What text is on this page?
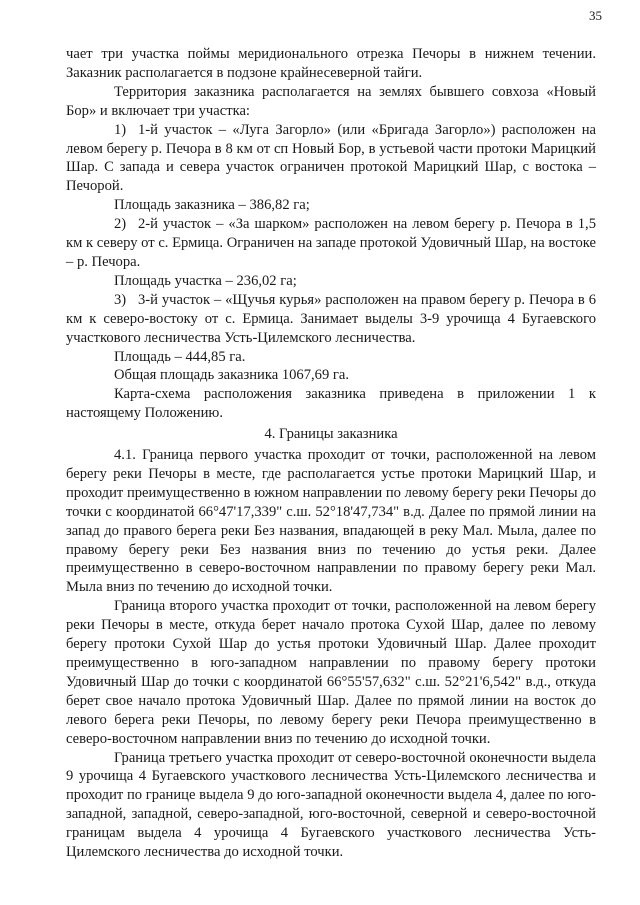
35

чает три участка поймы меридионального отрезка Печоры в нижнем течении. Заказник располагается в подзоне крайнесеверной тайги.

Территория заказника располагается на землях бывшего совхоза «Новый Бор» и включает три участка:

1) 1-й участок – «Луга Загорло» (или «Бригада Загорло») расположен на левом берегу р. Печора в 8 км от сп Новый Бор, в устьевой части протоки Марицкий Шар. С запада и севера участок ограничен протокой Марицкий Шар, с востока – Печорой.

Площадь заказника – 386,82 га;

2) 2-й участок – «За шарком» расположен на левом берегу р. Печора в 1,5 км к северу от с. Ермица. Ограничен на западе протокой Удовичный Шар, на востоке – р. Печора.

Площадь участка – 236,02 га;

3) 3-й участок – «Щучья курья» расположен на правом берегу р. Печора в 6 км к северо-востоку от с. Ермица. Занимает выделы 3-9 урочища 4 Бугаевского участкового лесничества Усть-Цилемского лесничества.

Площадь – 444,85 га.

Общая площадь заказника 1067,69 га.

Карта-схема расположения заказника приведена в приложении 1 к настоящему Положению.

4. Границы заказника

4.1. Граница первого участка проходит от точки, расположенной на левом берегу реки Печоры в месте, где располагается устье протоки Марицкий Шар, и проходит преимущественно в южном направлении по левому берегу реки Печоры до точки с координатой 66°47'17,339" с.ш. 52°18'47,734" в.д. Далее по прямой линии на запад до правого берега реки Без названия, впадающей в реку Мал. Мыла, далее по правому берегу реки Без названия вниз по течению до устья реки. Далее преимущественно в северо-восточном направлении по правому берегу реки Мал. Мыла вниз по течению до исходной точки.

Граница второго участка проходит от точки, расположенной на левом берегу реки Печоры в месте, откуда берет начало протока Сухой Шар, далее по левому берегу протоки Сухой Шар до устья протоки Удовичный Шар. Далее проходит преимущественно в юго-западном направлении по правому берегу протоки Удовичный Шар до точки с координатой 66°55'57,632" с.ш. 52°21'6,542" в.д., откуда берет свое начало протока Удовичный Шар. Далее по прямой линии на восток до левого берега реки Печоры, по левому берегу реки Печора преимущественно в северо-восточном направлении вниз по течению до исходной точки.

Граница третьего участка проходит от северо-восточной оконечности выдела 9 урочища 4 Бугаевского участкового лесничества Усть-Цилемского лесничества и проходит по границе выдела 9 до юго-западной оконечности выдела 4, далее по юго-западной, западной, северо-западной, юго-восточной, северной и северо-восточной границам выдела 4 урочища 4 Бугаевского участкового лесничества Усть-Цилемского лесничества до исходной точки.
